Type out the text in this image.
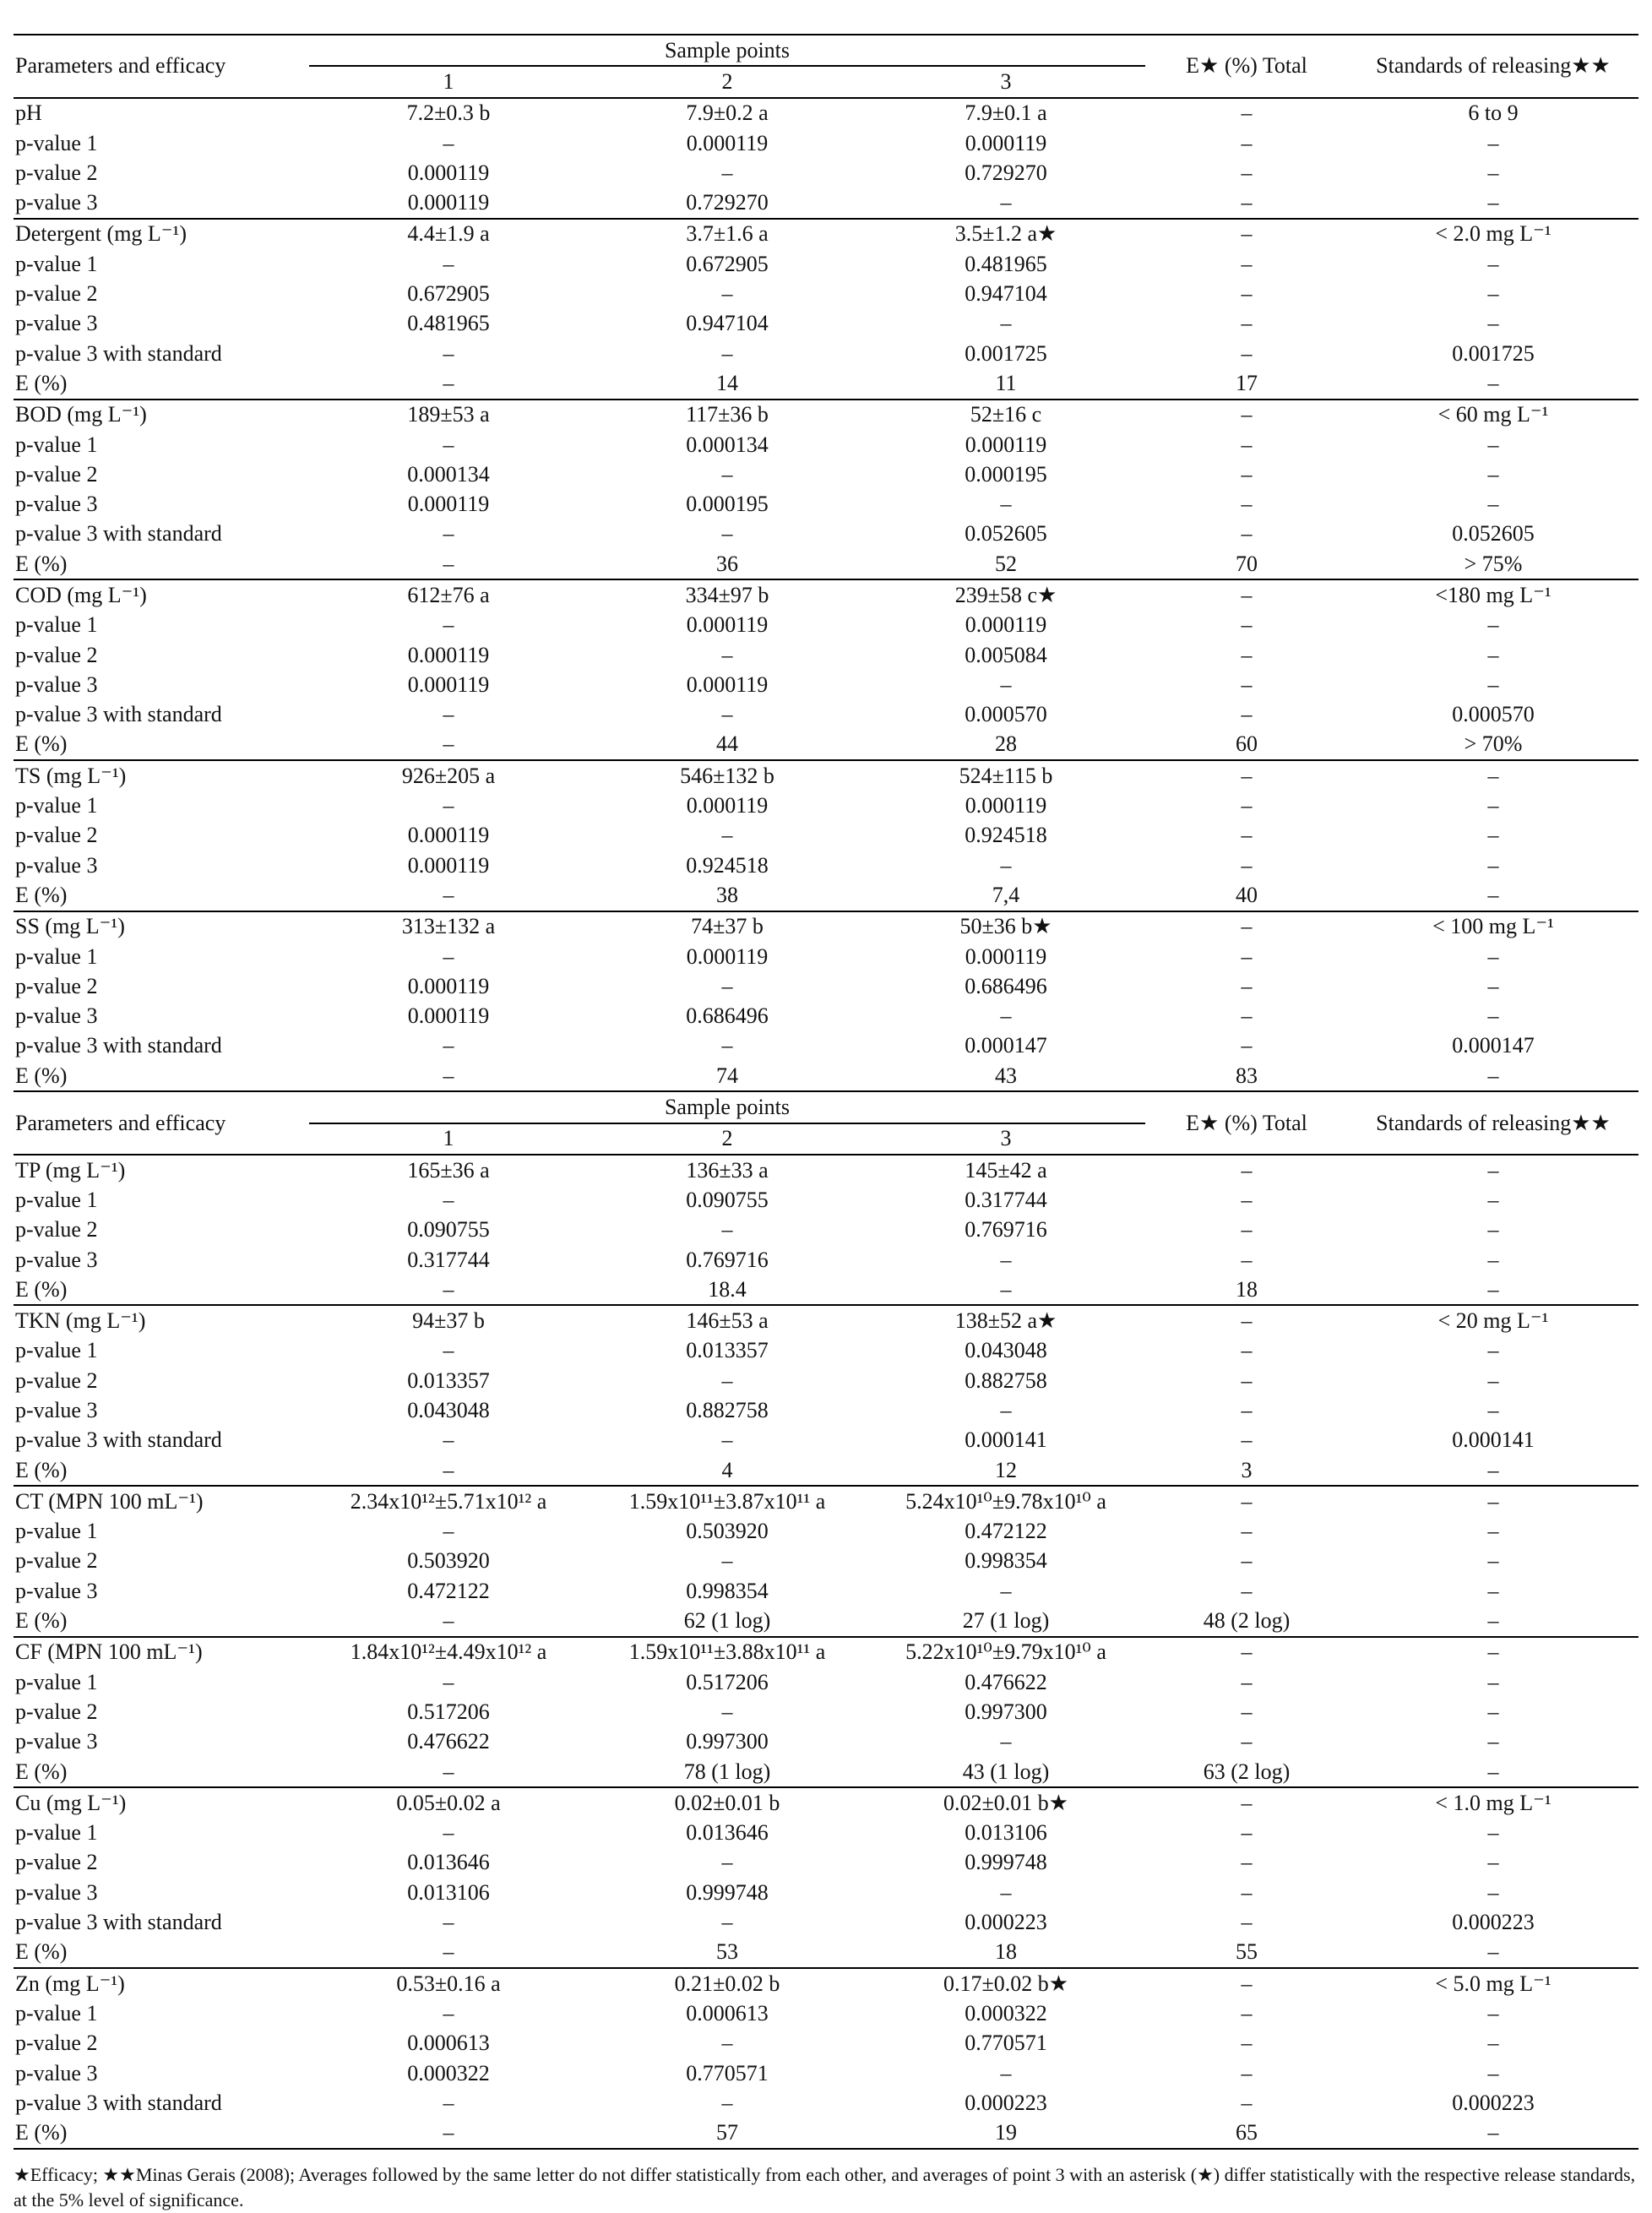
Parameters and efficacy	Sample points			E★ (%) Total	Standards of releasing★★
	1	2	3		
pH	7.2±0.3 b	7.9±0.2 a	7.9±0.1 a	–	6 to 9
p-value 1	–	0.000119	0.000119	–	–
p-value 2	0.000119	–	0.729270	–	–
p-value 3	0.000119	0.729270	–	–	–
Detergent (mg L⁻¹)	4.4±1.9 a	3.7±1.6 a	3.5±1.2 a★	–	< 2.0 mg L⁻¹
p-value 1	–	0.672905	0.481965	–	–
p-value 2	0.672905	–	0.947104	–	–
p-value 3	0.481965	0.947104	–	–	–
p-value 3 with standard	–	–	0.001725	–	0.001725
E (%)	–	14	11	17	–
BOD (mg L⁻¹)	189±53 a	117±36 b	52±16 c	–	< 60 mg L⁻¹
p-value 1	–	0.000134	0.000119	–	–
p-value 2	0.000134	–	0.000195	–	–
p-value 3	0.000119	0.000195	–	–	–
p-value 3 with standard	–	–	0.052605	–	0.052605
E (%)	–	36	52	70	> 75%
COD (mg L⁻¹)	612±76 a	334±97 b	239±58 c★	–	<180 mg L⁻¹
p-value 1	–	0.000119	0.000119	–	–
p-value 2	0.000119	–	0.005084	–	–
p-value 3	0.000119	0.000119	–	–	–
p-value 3 with standard	–	–	0.000570	–	0.000570
E (%)	–	44	28	60	> 70%
TS (mg L⁻¹)	926±205 a	546±132 b	524±115 b	–	–
p-value 1	–	0.000119	0.000119	–	–
p-value 2	0.000119	–	0.924518	–	–
p-value 3	0.000119	0.924518	–	–	–
E (%)	–	38	7,4	40	–
SS (mg L⁻¹)	313±132 a	74±37 b	50±36 b★	–	< 100 mg L⁻¹
p-value 1	–	0.000119	0.000119	–	–
p-value 2	0.000119	–	0.686496	–	–
p-value 3	0.000119	0.686496	–	–	–
p-value 3 with standard	–	–	0.000147	–	0.000147
E (%)	–	74	43	83	–
Parameters and efficacy	Sample points			E★ (%) Total	Standards of releasing★★
	1	2	3		
TP (mg L⁻¹)	165±36 a	136±33 a	145±42 a	–	–
p-value 1	–	0.090755	0.317744	–	–
p-value 2	0.090755	–	0.769716	–	–
p-value 3	0.317744	0.769716	–	–	–
E (%)	–	18.4	–	18	–
TKN (mg L⁻¹)	94±37 b	146±53 a	138±52 a★	–	< 20 mg L⁻¹
p-value 1	–	0.013357	0.043048	–	–
p-value 2	0.013357	–	0.882758	–	–
p-value 3	0.043048	0.882758	–	–	–
p-value 3 with standard	–	–	0.000141	–	0.000141
E (%)	–	4	12	3	–
CT (MPN 100 mL⁻¹)	2.34x10¹²±5.71x10¹² a	1.59x10¹¹±3.87x10¹¹ a	5.24x10¹⁰±9.78x10¹⁰ a	–	–
p-value 1	–	0.503920	0.472122	–	–
p-value 2	0.503920	–	0.998354	–	–
p-value 3	0.472122	0.998354	–	–	–
E (%)	–	62 (1 log)	27 (1 log)	48 (2 log)	–
CF (MPN 100 mL⁻¹)	1.84x10¹²±4.49x10¹² a	1.59x10¹¹±3.88x10¹¹ a	5.22x10¹⁰±9.79x10¹⁰ a	–	–
p-value 1	–	0.517206	0.476622	–	–
p-value 2	0.517206	–	0.997300	–	–
p-value 3	0.476622	0.997300	–	–	–
E (%)	–	78 (1 log)	43 (1 log)	63 (2 log)	–
Cu (mg L⁻¹)	0.05±0.02 a	0.02±0.01 b	0.02±0.01 b★	–	< 1.0 mg L⁻¹
p-value 1	–	0.013646	0.013106	–	–
p-value 2	0.013646	–	0.999748	–	–
p-value 3	0.013106	0.999748	–	–	–
p-value 3 with standard	–	–	0.000223	–	0.000223
E (%)	–	53	18	55	–
Zn (mg L⁻¹)	0.53±0.16 a	0.21±0.02 b	0.17±0.02 b★	–	< 5.0 mg L⁻¹
p-value 1	–	0.000613	0.000322	–	–
p-value 2	0.000613	–	0.770571	–	–
p-value 3	0.000322	0.770571	–	–	–
p-value 3 with standard	–	–	0.000223	–	0.000223
E (%)	–	57	19	65	–
★Efficacy; ★★Minas Gerais (2008); Averages followed by the same letter do not differ statistically from each other, and averages of point 3 with an asterisk (★) differ statistically with the respective release standards, at the 5% level of significance.
